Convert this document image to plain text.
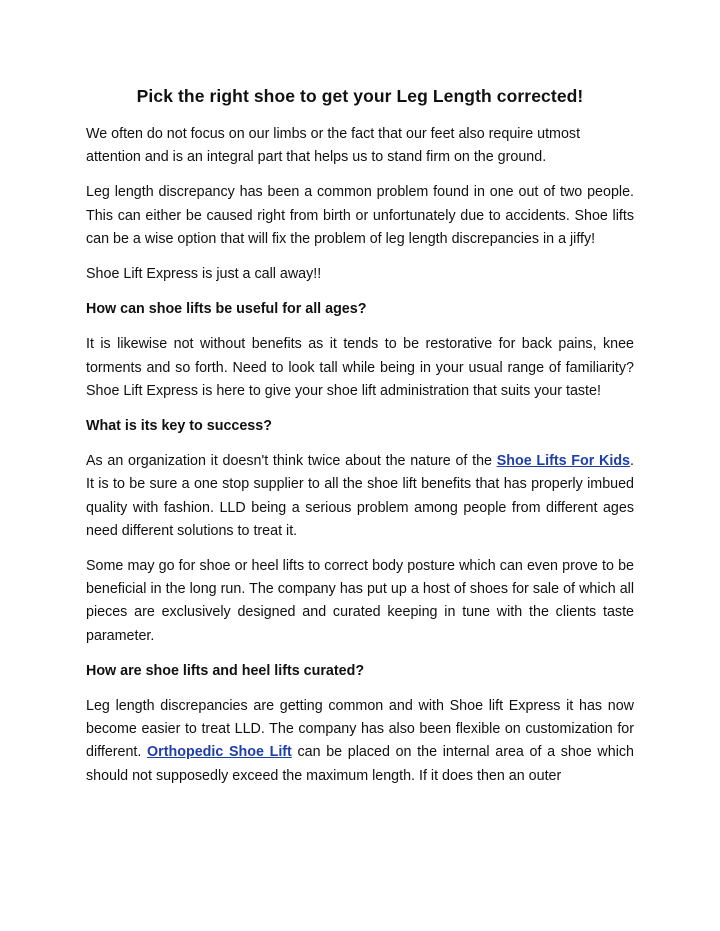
Pick the right shoe to get your Leg Length corrected!

We often do not focus on our limbs or the fact that our feet also require utmost attention and is an integral part that helps us to stand firm on the ground.

Leg length discrepancy has been a common problem found in one out of two people. This can either be caused right from birth or unfortunately due to accidents. Shoe lifts can be a wise option that will fix the problem of leg length discrepancies in a jiffy!

Shoe Lift Express is just a call away!!

How can shoe lifts be useful for all ages?

It is likewise not without benefits as it tends to be restorative for back pains, knee torments and so forth. Need to look tall while being in your usual range of familiarity? Shoe Lift Express is here to give your shoe lift administration that suits your taste!

What is its key to success?

As an organization it doesn't think twice about the nature of the Shoe Lifts For Kids. It is to be sure a one stop supplier to all the shoe lift benefits that has properly imbued quality with fashion. LLD being a serious problem among people from different ages need different solutions to treat it.

Some may go for shoe or heel lifts to correct body posture which can even prove to be beneficial in the long run. The company has put up a host of shoes for sale of which all pieces are exclusively designed and curated keeping in tune with the clients taste parameter.

How are shoe lifts and heel lifts curated?

Leg length discrepancies are getting common and with Shoe lift Express it has now become easier to treat LLD. The company has also been flexible on customization for different. Orthopedic Shoe Lift can be placed on the internal area of a shoe which should not supposedly exceed the maximum length. If it does then an outer
